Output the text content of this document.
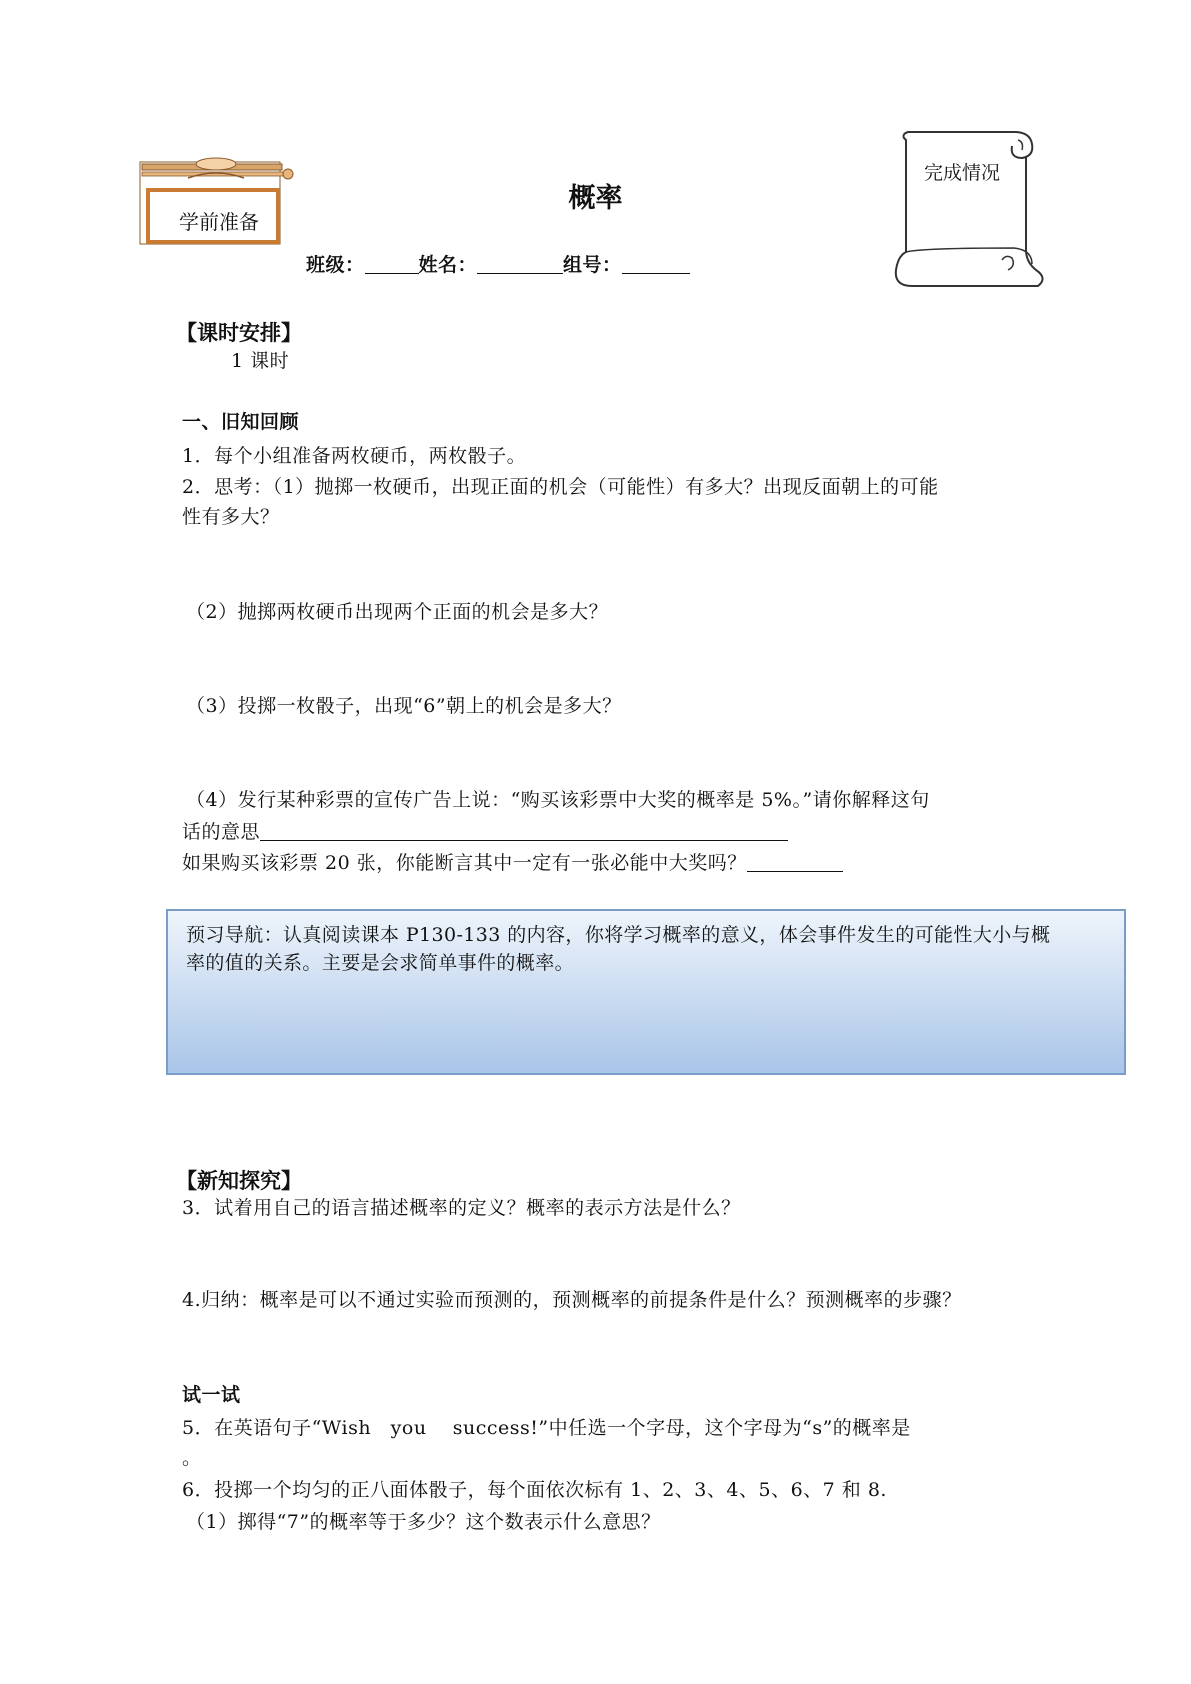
学前准备
概率
完成情况
班级：	姓名：	组号：
【课时安排】
1 课时
一、旧知回顾
1．每个小组准备两枚硬币，两枚骰子。
2．思考：（1）抛掷一枚硬币，出现正面的机会（可能性）有多大？出现反面朝上的可能
性有多大？
（2）抛掷两枚硬币出现两个正面的机会是多大？
（3）投掷一枚骰子，出现“6”朝上的机会是多大？
（4）发行某种彩票的宣传广告上说：“购买该彩票中大奖的概率是 5%。”请你解释这句
话的意思
如果购买该彩票 20 张，你能断言其中一定有一张必能中大奖吗？
预习导航：认真阅读课本 P130-133 的内容，你将学习概率的意义，体会事件发生的可能性大小与概
率的值的关系。主要是会求简单事件的概率。
【新知探究】
3．试着用自己的语言描述概率的定义？概率的表示方法是什么？
4.归纳：概率是可以不通过实验而预测的，预测概率的前提条件是什么？预测概率的步骤？
试一试
5．在英语句子“Wish   you    success!”中任选一个字母，这个字母为“s”的概率是
。
6．投掷一个均匀的正八面体骰子，每个面依次标有 1、2、3、4、5、6、7 和 8.
（1）掷得“7”的概率等于多少？这个数表示什么意思？
